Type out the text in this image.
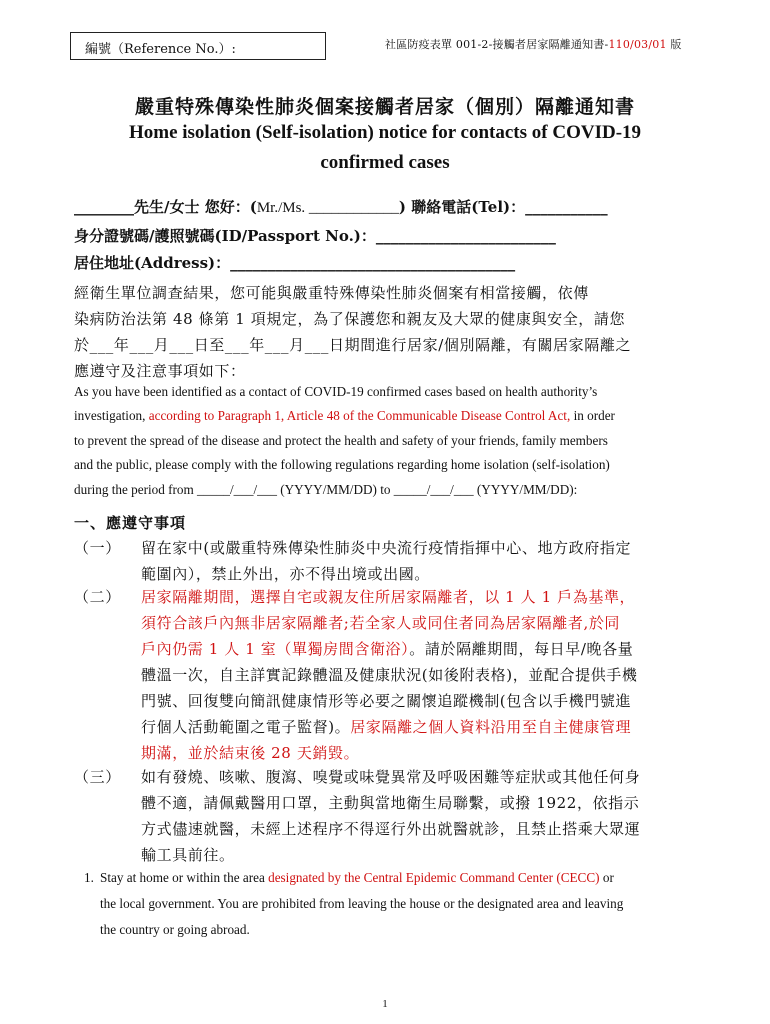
編號（Reference No.）:	社區防疫表單 001-2-接觸者居家隔離通知書-110/03/01 版
嚴重特殊傳染性肺炎個案接觸者居家（個別）隔離通知書
Home isolation (Self-isolation) notice for contacts of COVID-19
confirmed cases
________先生/女士 您好：(Mr./Ms. ____________) 聯絡電話(Tel)：___________
身分證號碼/護照號碼(ID/Passport No.)：________________________
居住地址(Address)：______________________________________
經衛生單位調查結果，您可能與嚴重特殊傳染性肺炎個案有相當接觸，依傳
染病防治法第 48 條第 1 項規定，為了保護您和親友及大眾的健康與安全，請您
於___年___月___日至___年___月___日期間進行居家/個別隔離，有關居家隔離之
應遵守及注意事項如下：
As you have been identified as a contact of COVID-19 confirmed cases based on health authority’s
investigation, according to Paragraph 1, Article 48 of the Communicable Disease Control Act, in order
to prevent the spread of the disease and protect the health and safety of your friends, family members
and the public, please comply with the following regulations regarding home isolation (self-isolation)
during the period from _____/___/___ (YYYY/MM/DD) to _____/___/___ (YYYY/MM/DD):
一、應遵守事項
（一） 留在家中(或嚴重特殊傳染性肺炎中央流行疫情指揮中心、地方政府指定
範圍內），禁止外出，亦不得出境或出國。
（二） 居家隔離期間，選擇自宅或親友住所居家隔離者，以 1 人 1 戶為基準，
須符合該戶內無非居家隔離者;若全家人或同住者同為居家隔離者,於同
戶內仍需 1 人 1 室（單獨房間含衛浴）。請於隔離期間，每日早/晚各量
體溫一次，自主詳實記錄體溫及健康狀況(如後附表格)，並配合提供手機
門號、回復雙向簡訊健康情形等必要之關懷追蹤機制(包含以手機門號進
行個人活動範圍之電子監督)。居家隔離之個人資料沿用至自主健康管理
期滿，並於結束後 28 天銷毀。
（三） 如有發燒、咳嗽、腹瀉、嗅覺或味覺異常及呼吸困難等症狀或其他任何身
體不適，請佩戴醫用口罩，主動與當地衛生局聯繫，或撥 1922，依指示
方式儘速就醫，未經上述程序不得逕行外出就醫就診，且禁止搭乘大眾運
輸工具前往。
1. Stay at home or within the area designated by the Central Epidemic Command Center (CECC) or
the local government. You are prohibited from leaving the house or the designated area and leaving
the country or going abroad.
1
